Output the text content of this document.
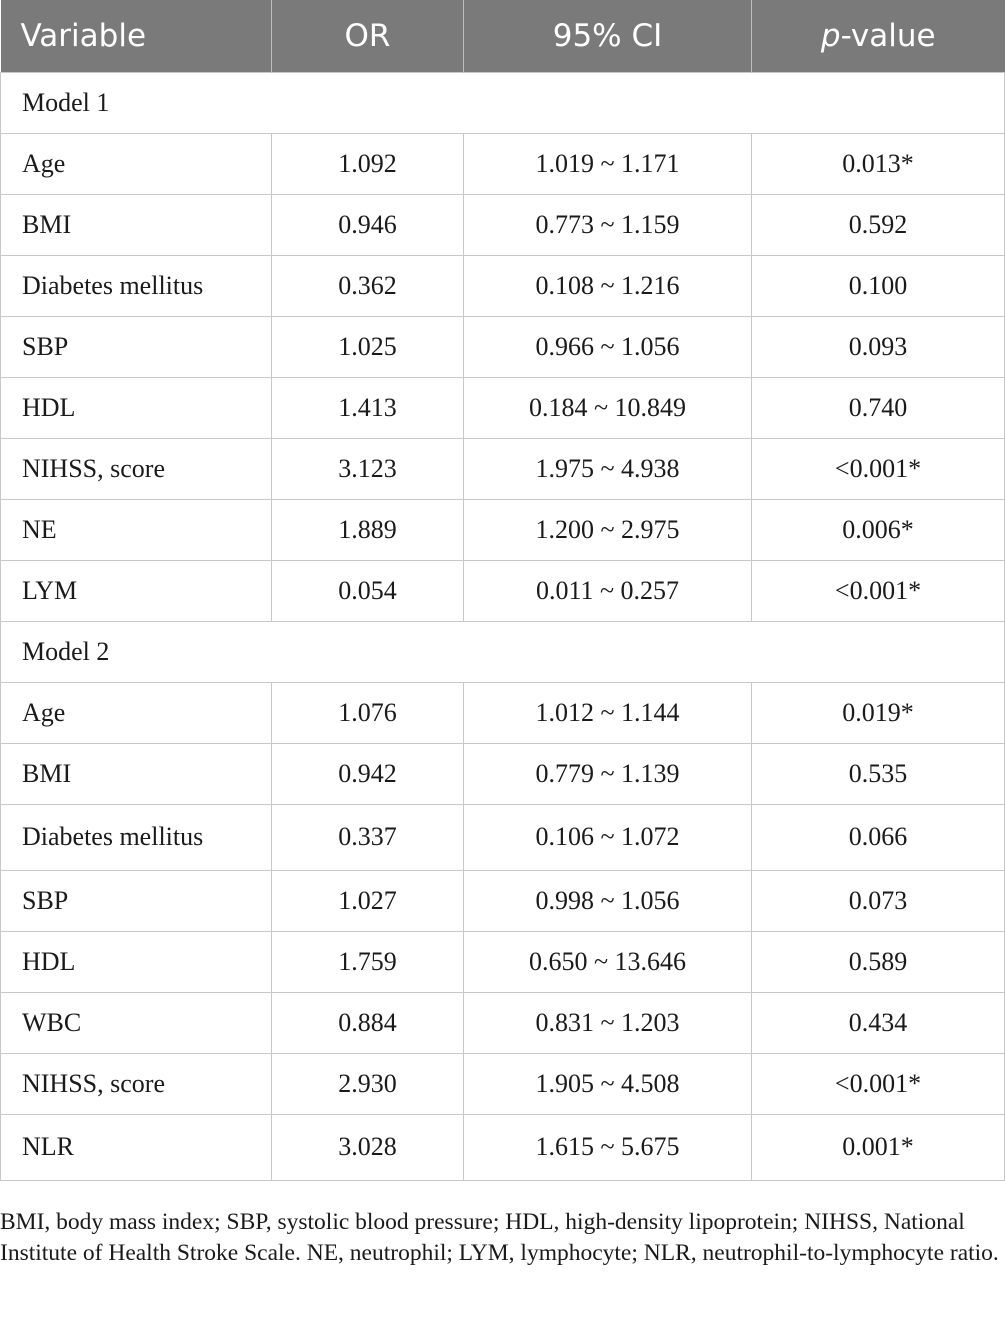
Variable	OR	95% CI	p-value
Model 1			
Age	1.092	1.019 ~ 1.171	0.013*
BMI	0.946	0.773 ~ 1.159	0.592
Diabetes mellitus	0.362	0.108 ~ 1.216	0.100
SBP	1.025	0.966 ~ 1.056	0.093
HDL	1.413	0.184 ~ 10.849	0.740
NIHSS, score	3.123	1.975 ~ 4.938	<0.001*
NE	1.889	1.200 ~ 2.975	0.006*
LYM	0.054	0.011 ~ 0.257	<0.001*
Model 2			
Age	1.076	1.012 ~ 1.144	0.019*
BMI	0.942	0.779 ~ 1.139	0.535
Diabetes mellitus	0.337	0.106 ~ 1.072	0.066
SBP	1.027	0.998 ~ 1.056	0.073
HDL	1.759	0.650 ~ 13.646	0.589
WBC	0.884	0.831 ~ 1.203	0.434
NIHSS, score	2.930	1.905 ~ 4.508	<0.001*
NLR	3.028	1.615 ~ 5.675	0.001*
BMI, body mass index; SBP, systolic blood pressure; HDL, high-density lipoprotein; NIHSS, National Institute of Health Stroke Scale. NE, neutrophil; LYM, lymphocyte; NLR, neutrophil-to-lymphocyte ratio.
